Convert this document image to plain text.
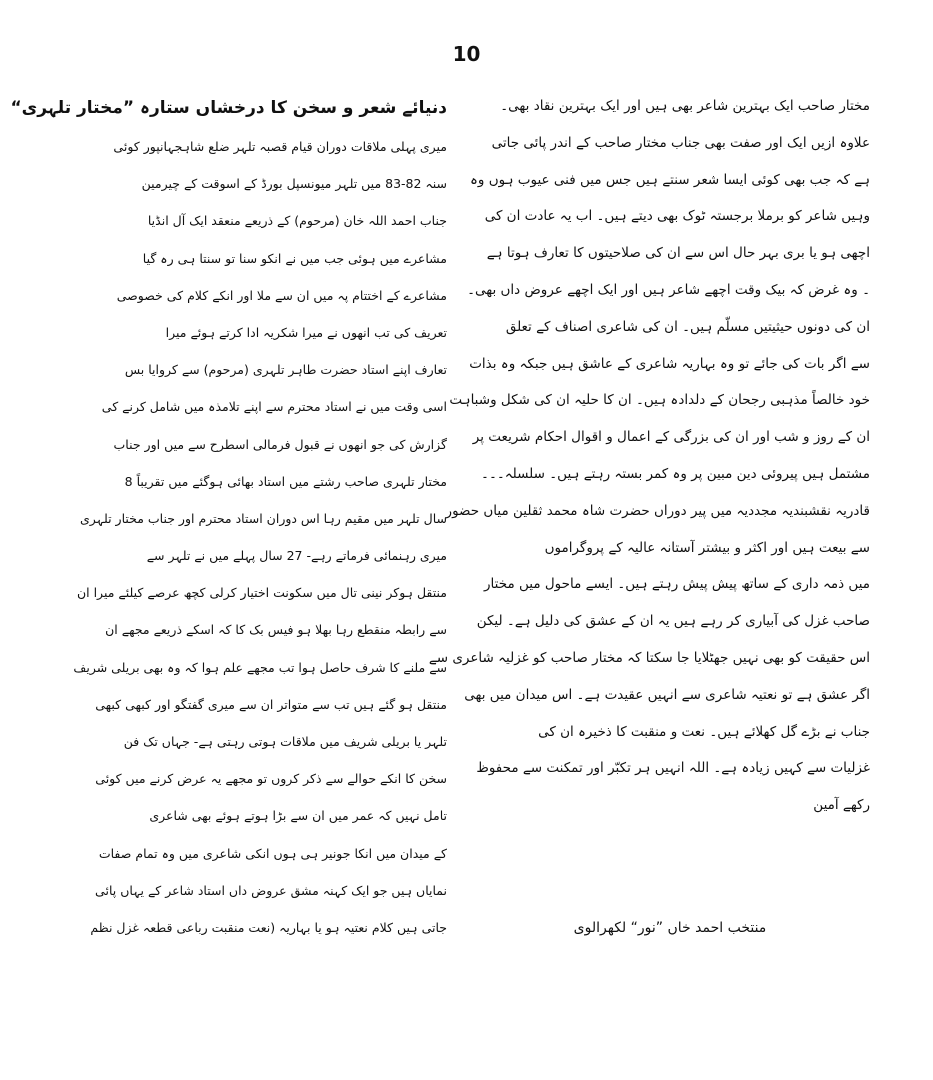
10
مختار صاحب ایک بہترین شاعر بھی ہیں اور ایک بہترین نقاد بھی۔
علاوہ ازیں ایک اور صفت بھی جناب مختار صاحب کے اندر پائی جاتی
ہے کہ جب بھی کوئی ایسا شعر سنتے ہیں جس میں فنی عیوب ہوں وہ
وہیں شاعر کو برملا برجستہ ٹوک بھی دیتے ہیں۔ اب یہ عادت ان کی
اچھی ہو یا بری بہر حال اس سے ان کی صلاحیتوں کا تعارف ہوتا ہے
۔ وہ غرض کہ بیک وقت اچھے شاعر ہیں اور ایک اچھے عروض داں بھی۔
ان کی دونوں حیثیتیں مسلّم ہیں۔ ان کی شاعری اصناف کے تعلق
سے اگر بات کی جائے تو وہ بہاریہ شاعری کے عاشق ہیں جبکہ وہ بذات
خود خالصاً مذہبی رجحان کے دلدادہ ہیں۔ ان کا حلیہ ان کی شکل وشباہت
ان کے روز و شب اور ان کی بزرگی کے اعمال و اقوال احکام شریعت پر
مشتمل ہیں پیروئی دین مبین پر وہ کمر بستہ رہتے ہیں۔ سلسلہ۔۔۔
قادریہ نقشبندیہ مجددیہ میں پیر دوراں حضرت شاہ محمد ثقلین میاں حضور
سے بیعت ہیں اور اکثر و بیشتر آستانہ عالیہ کے پروگراموں
میں ذمہ داری کے ساتھ پیش پیش رہتے ہیں۔ ایسے ماحول میں مختار
صاحب غزل کی آبیاری کر رہے ہیں یہ ان کے عشق کی دلیل ہے۔ لیکن
اس حقیقت کو بھی نہیں جھٹلایا جا سکتا کہ مختار صاحب کو غزلیہ شاعری سے
اگر عشق ہے تو نعتیہ شاعری سے انہیں عقیدت ہے۔ اس میدان میں بھی
جناب نے بڑے گل کھلائے ہیں۔ نعت و منقبت کا ذخیرہ ان کی
غزلیات سے کہیں زیادہ ہے۔ اللہ انہیں ہر تکبّر اور تمکنت سے محفوظ
رکھے آمین
منتخب احمد خاں ”نور“ لکھرالوی
دنیائے شعر و سخن کا درخشاں ستارہ ”مختار تلہری“
میری پہلی ملاقات دوران قیام قصبہ تلہر ضلع شاہجہانپور کوئی
سنہ 82-83 میں تلہر میونسپل بورڈ کے اسوقت کے چیرمین
جناب احمد اللہ خان (مرحوم) کے ذریعے منعقد ایک آل انڈیا
مشاعرے میں ہوئی جب میں نے انکو سنا تو سنتا ہی رہ گیا
مشاعرے کے اختتام پہ میں ان سے ملا اور انکے کلام کی خصوصی
تعریف کی تب انھوں نے میرا شکریہ ادا کرتے ہوئے میرا
تعارف اپنے استاد حضرت طاہر تلہری (مرحوم) سے کروایا بس
اسی وقت میں نے استاد محترم سے اپنے تلامذہ میں شامل کرنے کی
گزارش کی جو انھوں نے قبول فرمالی اسطرح سے میں اور جناب
مختار تلہری صاحب رشتے میں استاد بھائی ہوگئے میں تقریباً 8
سال تلہر میں مقیم رہا اس دوران استاد محترم اور جناب مختار تلہری
میری رہنمائی فرماتے رہے- 27 سال پہلے میں نے تلہر سے
منتقل ہوکر نینی تال میں سکونت اختیار کرلی کچھ عرصے کیلئے میرا ان
سے رابطہ منقطع رہا بھلا ہو فیس بک کا کہ اسکے ذریعے مجھے ان
سے ملنے کا شرف حاصل ہوا تب مجھے علم ہوا کہ وہ بھی بریلی شریف
منتقل ہو گئے ہیں تب سے متواتر ان سے میری گفتگو اور کبھی کبھی
تلہر یا بریلی شریف میں ملاقات ہوتی رہتی ہے- جہاں تک فن
سخن کا انکے حوالے سے ذکر کروں تو مجھے یہ عرض کرنے میں کوئی
تامل نہیں کہ عمر میں ان سے بڑا ہوتے ہوئے بھی شاعری
کے میدان میں انکا جونیر ہی ہوں انکی شاعری میں وہ تمام صفات
نمایاں ہیں جو ایک کہنہ مشق عروض داں استاد شاعر کے یہاں پائی
جاتی ہیں کلام نعتیہ ہو یا بہاریہ (نعت منقبت رباعی قطعہ غزل نظم
